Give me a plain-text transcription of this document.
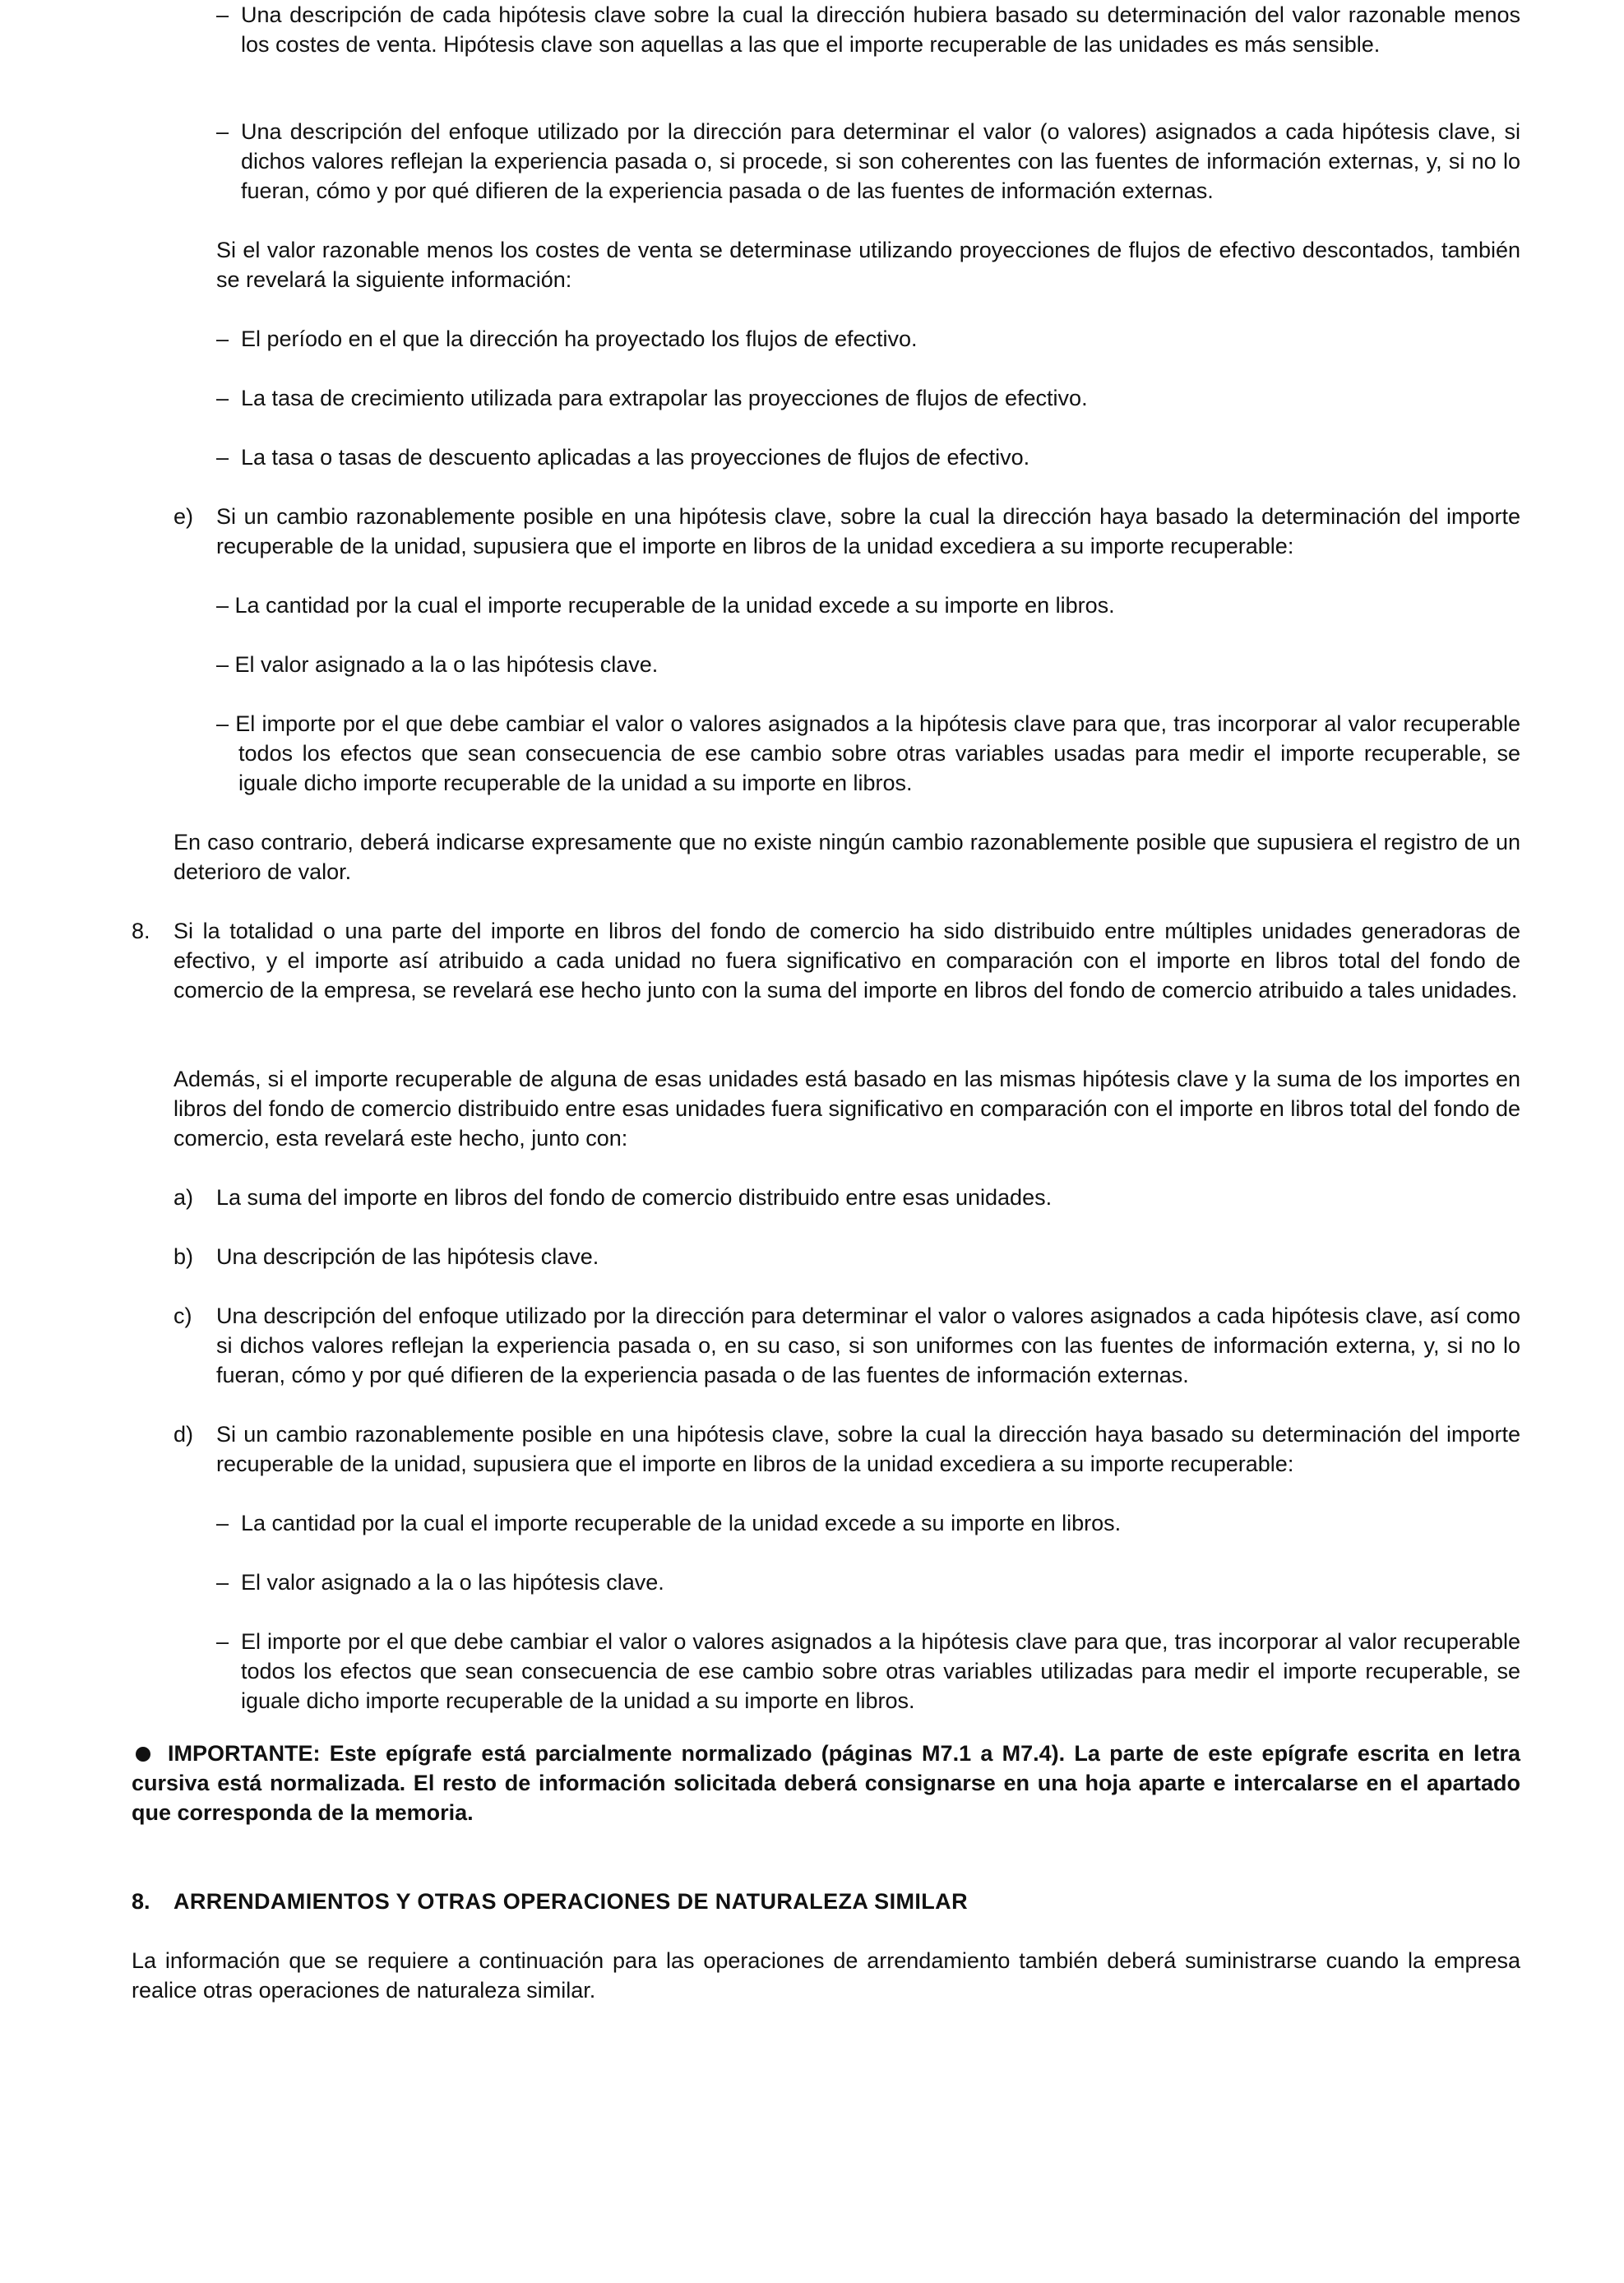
– Una descripción de cada hipótesis clave sobre la cual la dirección hubiera basado su determinación del valor razonable menos los costes de venta. Hipótesis clave son aquellas a las que el importe recuperable de las unidades es más sensible.

– Una descripción del enfoque utilizado por la dirección para determinar el valor (o valores) asignados a cada hipótesis clave, si dichos valores reflejan la experiencia pasada o, si procede, si son coherentes con las fuentes de información externas, y, si no lo fueran, cómo y por qué difieren de la experiencia pasada o de las fuentes de información externas.

Si el valor razonable menos los costes de venta se determinase utilizando proyecciones de flujos de efectivo descontados, también se revelará la siguiente información:

– El período en el que la dirección ha proyectado los flujos de efectivo.

– La tasa de crecimiento utilizada para extrapolar las proyecciones de flujos de efectivo.

– La tasa o tasas de descuento aplicadas a las proyecciones de flujos de efectivo.

e) Si un cambio razonablemente posible en una hipótesis clave, sobre la cual la dirección haya basado la determinación del importe recuperable de la unidad, supusiera que el importe en libros de la unidad excediera a su importe recuperable:

– La cantidad por la cual el importe recuperable de la unidad excede a su importe en libros.

– El valor asignado a la o las hipótesis clave.

– El importe por el que debe cambiar el valor o valores asignados a la hipótesis clave para que, tras incorporar al valor recuperable todos los efectos que sean consecuencia de ese cambio sobre otras variables usadas para medir el importe recuperable, se iguale dicho importe recuperable de la unidad a su importe en libros.

En caso contrario, deberá indicarse expresamente que no existe ningún cambio razonablemente posible que supusiera el registro de un deterioro de valor.

8. Si la totalidad o una parte del importe en libros del fondo de comercio ha sido distribuido entre múltiples unidades generadoras de efectivo, y el importe así atribuido a cada unidad no fuera significativo en comparación con el importe en libros total del fondo de comercio de la empresa, se revelará ese hecho junto con la suma del importe en libros del fondo de comercio atribuido a tales unidades.

Además, si el importe recuperable de alguna de esas unidades está basado en las mismas hipótesis clave y la suma de los importes en libros del fondo de comercio distribuido entre esas unidades fuera significativo en comparación con el importe en libros total del fondo de comercio, esta revelará este hecho, junto con:

a) La suma del importe en libros del fondo de comercio distribuido entre esas unidades.

b) Una descripción de las hipótesis clave.

c) Una descripción del enfoque utilizado por la dirección para determinar el valor o valores asignados a cada hipótesis clave, así como si dichos valores reflejan la experiencia pasada o, en su caso, si son uniformes con las fuentes de información externa, y, si no lo fueran, cómo y por qué difieren de la experiencia pasada o de las fuentes de información externas.

d) Si un cambio razonablemente posible en una hipótesis clave, sobre la cual la dirección haya basado su determinación del importe recuperable de la unidad, supusiera que el importe en libros de la unidad excediera a su importe recuperable:

– La cantidad por la cual el importe recuperable de la unidad excede a su importe en libros.

– El valor asignado a la o las hipótesis clave.

– El importe por el que debe cambiar el valor o valores asignados a la hipótesis clave para que, tras incorporar al valor recuperable todos los efectos que sean consecuencia de ese cambio sobre otras variables utilizadas para medir el importe recuperable, se iguale dicho importe recuperable de la unidad a su importe en libros.

IMPORTANTE: Este epígrafe está parcialmente normalizado (páginas M7.1 a M7.4). La parte de este epígrafe escrita en letra cursiva está normalizada. El resto de información solicitada deberá consignarse en una hoja aparte e intercalarse en el apartado que corresponda de la memoria.

8. ARRENDAMIENTOS Y OTRAS OPERACIONES DE NATURALEZA SIMILAR

La información que se requiere a continuación para las operaciones de arrendamiento también deberá suministrarse cuando la empresa realice otras operaciones de naturaleza similar.
